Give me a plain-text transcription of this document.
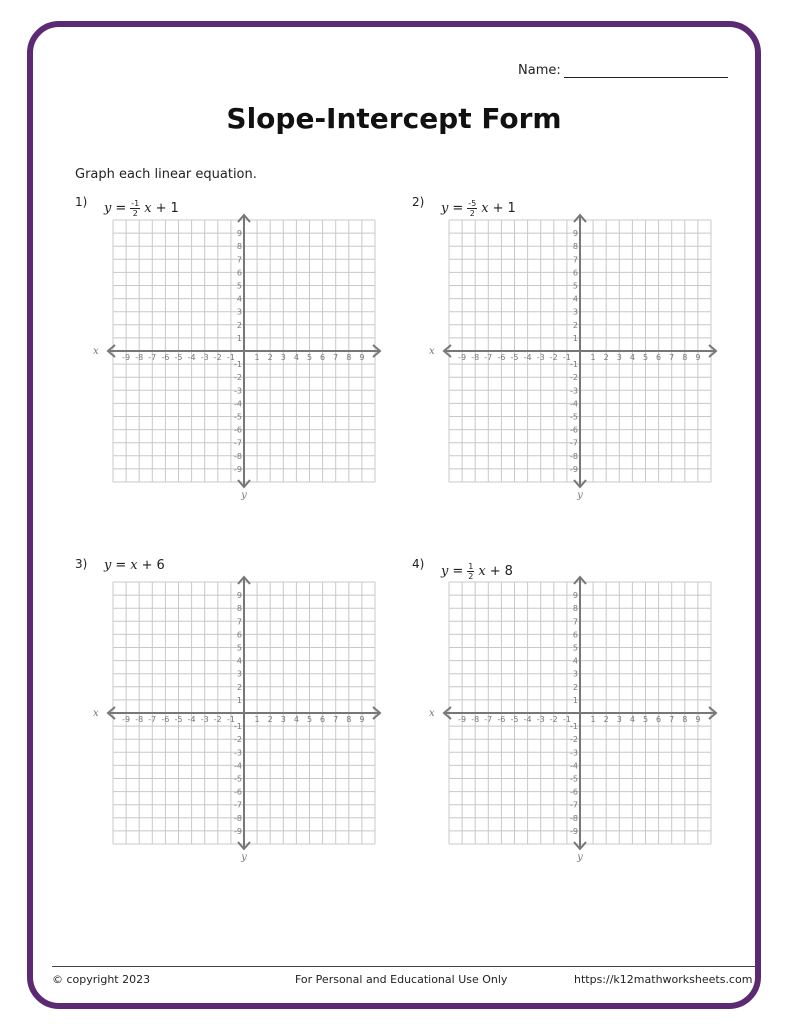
Name:
Slope-Intercept Form
Graph each linear equation.
1) $y = \frac{-1}{2}$ x + 1
-9 -8 -7 -6 -5 -4 -3 -2 -1 1 2 3 4 5 6 7 8 9
9
8
7
6
5
4
3
2
1
-1
-2
-3
-4
-5
-6
-7
-8
-9
x
y
2) $y = \frac{-5}{2}$ x + 1
-9 -8 -7 -6 -5 -4 -3 -2 -1 1 2 3 4 5 6 7 8 9
9
8
7
6
5
4
3
2
1
-1
-2
-3
-4
-5
-6
-7
-8
-9
x
y
3) y = x + 6
-9 -8 -7 -6 -5 -4 -3 -2 -1 1 2 3 4 5 6 7 8 9
9
8
7
6
5
4
3
2
1
-1
-2
-3
-4
-5
-6
-7
-8
-9
x
y
4) $y = \frac{1}{2}$ x + 8
-9 -8 -7 -6 -5 -4 -3 -2 -1 1 2 3 4 5 6 7 8 9
9
8
7
6
5
4
3
2
1
-1
-2
-3
-4
-5
-6
-7
-8
-9
x
y
© copyright 2023	For Personal and Educational Use Only	https://k12mathworksheets.com
